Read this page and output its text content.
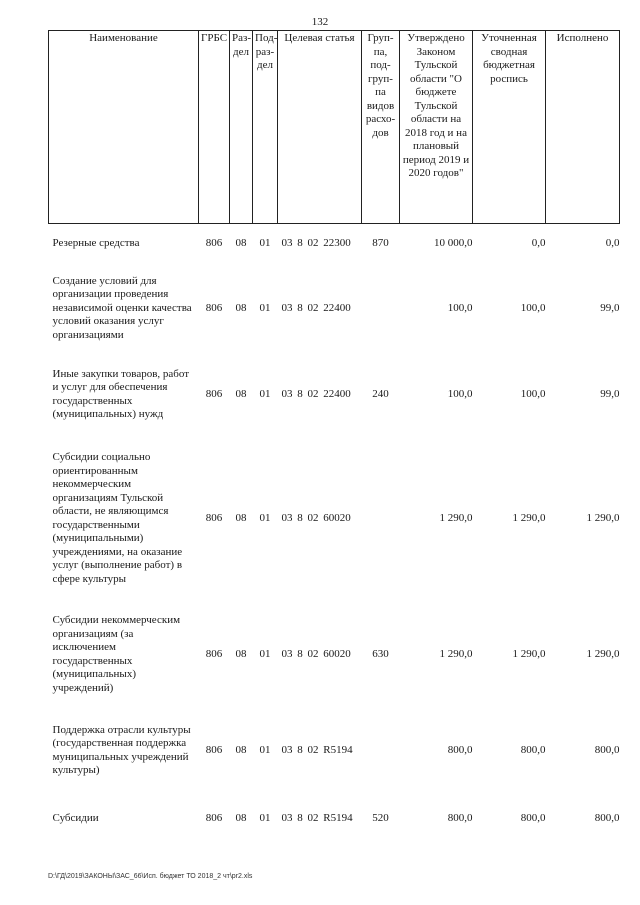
132
Наименование	ГРБС	Раз-дел	Под-раз-дел	Целевая статья	Груп-па, под-груп-па видов расхо-дов	Утверждено Законом Тульской области "О бюджете Тульской области на 2018 год и на плановый период 2019 и 2020 годов"	Уточненная сводная бюджетная роспись	Исполнено
Резерные средства	806	08	01	03 8 02 22300	870	10 000,0	0,0	0,0
Создание условий для организации проведения независимой оценки качества условий оказания услуг организациями	806	08	01	03 8 02 22400		100,0	100,0	99,0
Иные закупки товаров, работ и услуг для обеспечения государственных (муниципальных) нужд	806	08	01	03 8 02 22400	240	100,0	100,0	99,0
Субсидии социально ориентированным некоммерческим организациям Тульской области, не являющимся государственными (муниципальными) учреждениями, на оказание услуг (выполнение работ) в сфере культуры	806	08	01	03 8 02 60020		1 290,0	1 290,0	1 290,0
Субсидии некоммерческим организациям (за исключением государственных (муниципальных) учреждений)	806	08	01	03 8 02 60020	630	1 290,0	1 290,0	1 290,0
Поддержка отрасли культуры (государственная поддержка муниципальных учреждений культуры)	806	08	01	03 8 02 R5194		800,0	800,0	800,0
Субсидии	806	08	01	03 8 02 R5194	520	800,0	800,0	800,0
D:\ГД\2019\ЗАКОНЫ\ЗАС_66\Исп. бюджет ТО 2018_2 чт\pr2.xls
